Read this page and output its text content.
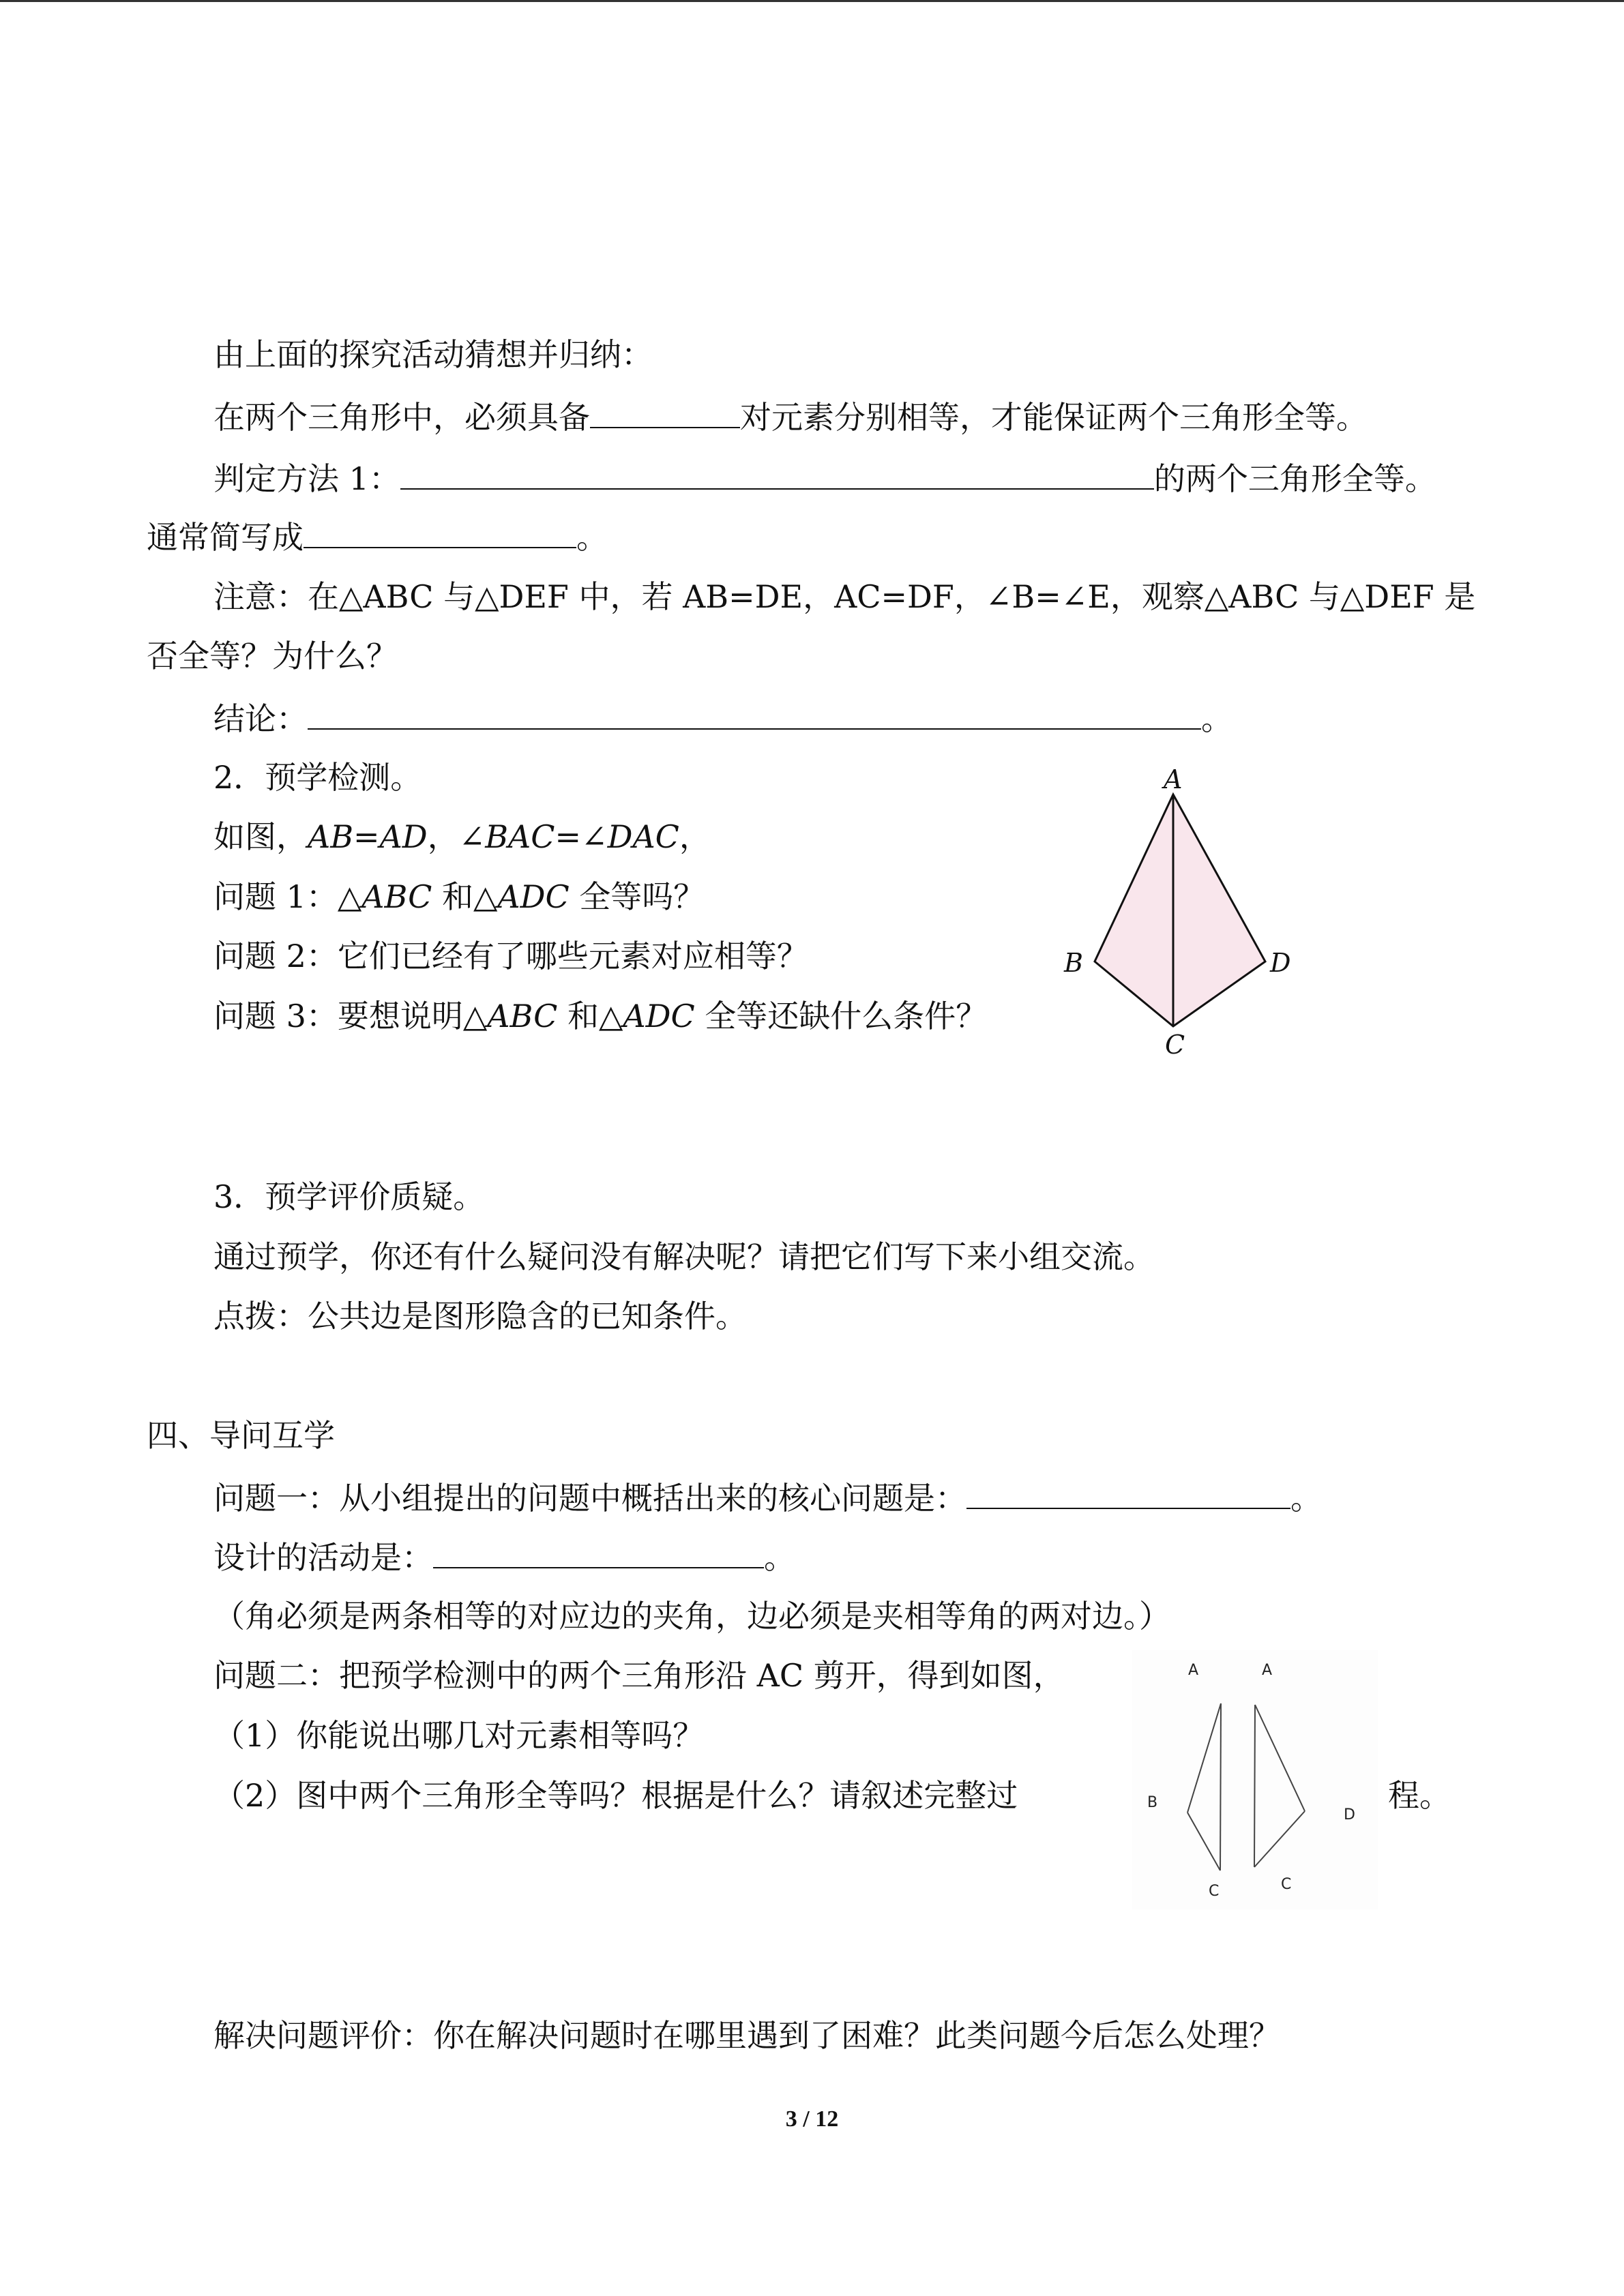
由上面的探究活动猜想并归纳：
在两个三角形中，必须具备	对元素分别相等，才能保证两个三角形全等。
判定方法 1：	的两个三角形全等。
通常简写成	。
注意：在△ABC 与△DEF 中，若 AB=DE，AC=DF，∠B=∠E，观察△ABC 与△DEF 是
否全等？为什么？
结论：	。
2．预学检测。
如图，AB=AD，∠BAC=∠DAC，
问题 1：△ABC 和△ADC 全等吗？
问题 2：它们已经有了哪些元素对应相等？
问题 3：要想说明△ABC 和△ADC 全等还缺什么条件？
A
B
C
D
3．预学评价质疑。
通过预学，你还有什么疑问没有解决呢？请把它们写下来小组交流。
点拨：公共边是图形隐含的已知条件。
四、导问互学
问题一：从小组提出的问题中概括出来的核心问题是：	。
设计的活动是：	。
（角必须是两条相等的对应边的夹角，边必须是夹相等角的两对边。）
问题二：把预学检测中的两个三角形沿 AC 剪开，得到如图，
（1）你能说出哪几对元素相等吗？
（2）图中两个三角形全等吗？根据是什么？请叙述完整过	程。
A	A
B
D
C	C
解决问题评价：你在解决问题时在哪里遇到了困难？此类问题今后怎么处理？
3 / 12
